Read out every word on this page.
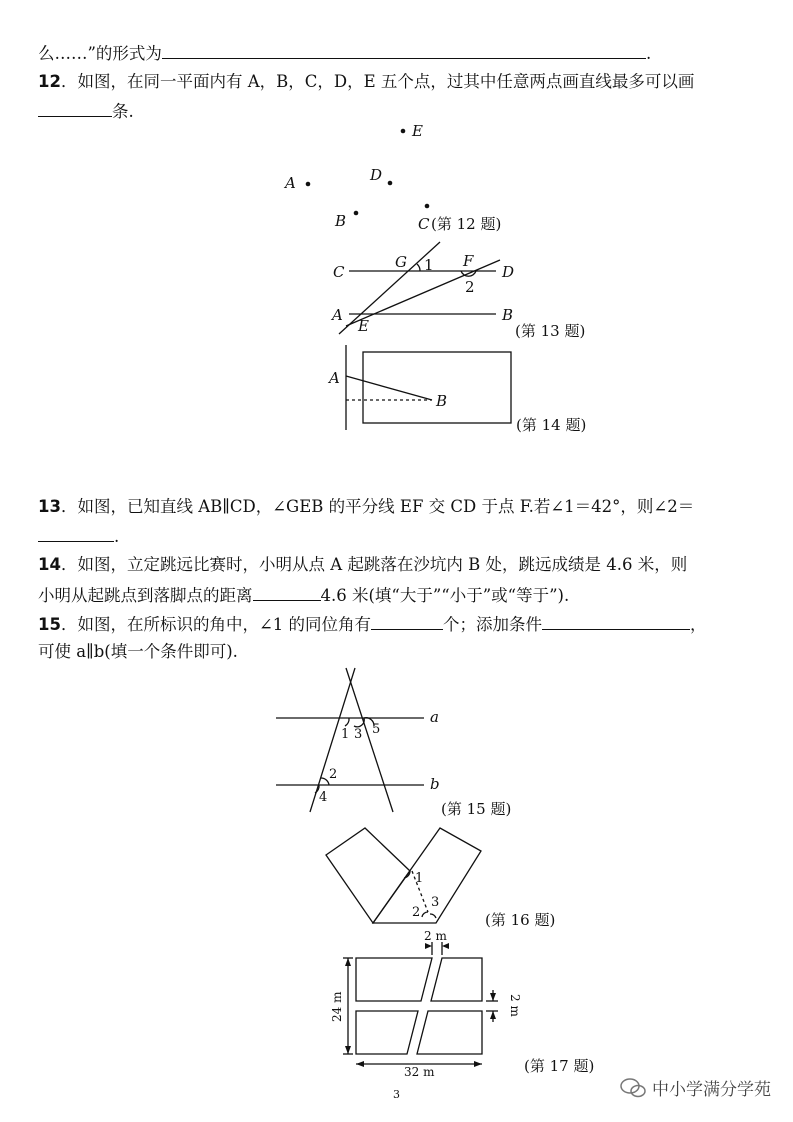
么……”的形式为	.
12．如图，在同一平面内有 A，B，C，D，E 五个点，过其中任意两点画直线最多可以画
条.
13．如图，已知直线 AB∥CD，∠GEB 的平分线 EF 交 CD 于点 F.若∠1＝42°，则∠2＝
.
14．如图，立定跳远比赛时，小明从点 A 起跳落在沙坑内 B 处，跳远成绩是 4.6 米，则
小明从起跳点到落脚点的距离	4.6 米(填“大于”“小于”或“等于”).
15．如图，在所标识的角中，∠1 的同位角有	个；添加条件	，
可使 a∥b(填一个条件即可).
E
A	D
B	C (第 12 题)
C
G 1 F
D
2
A
E
B
(第 13 题)
A
B
(第 14 题)
a
b
1 3 5
2
4
(第 15 题)
1
2
3
(第 16 题)
2 m
24 m	2 m
32 m	(第 17 题)
3	中小学满分学苑
